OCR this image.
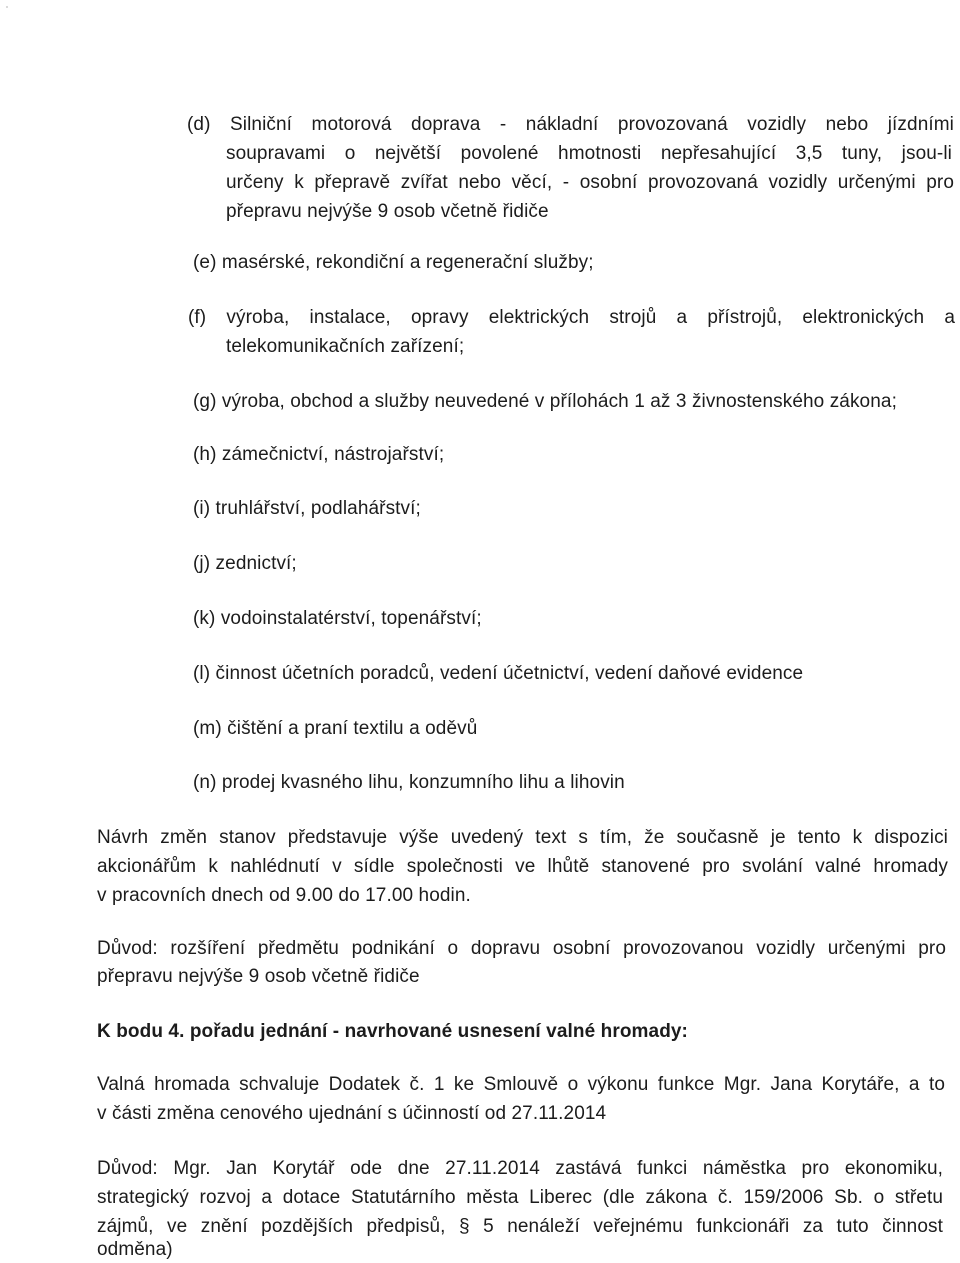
(d) Silniční motorová doprava - nákladní provozovaná vozidly nebo jízdními
soupravami o největší povolené hmotnosti nepřesahující 3,5 tuny, jsou-li
určeny k přepravě zvířat nebo věcí, - osobní provozovaná vozidly určenými pro
přepravu nejvýše 9 osob včetně řidiče
(e) masérské, rekondiční a regenerační služby;
(f) výroba, instalace, opravy elektrických strojů a přístrojů, elektronických a
telekomunikačních zařízení;
(g) výroba, obchod a služby neuvedené v přílohách 1 až 3 živnostenského zákona;
(h) zámečnictví, nástrojařství;
(i) truhlářství, podlahářství;
(j) zednictví;
(k) vodoinstalatérství, topenářství;
(l) činnost účetních poradců, vedení účetnictví, vedení daňové evidence
(m) čištění a praní textilu a oděvů
(n) prodej kvasného lihu, konzumního lihu a lihovin
Návrh změn stanov představuje výše uvedený text s tím, že současně je tento k dispozici
akcionářům k nahlédnutí v sídle společnosti ve lhůtě stanovené pro svolání valné hromady
v pracovních dnech od 9.00 do 17.00 hodin.
Důvod: rozšíření předmětu podnikání o dopravu osobní provozovanou vozidly určenými pro
přepravu nejvýše 9 osob včetně řidiče
K bodu 4. pořadu jednání - navrhované usnesení valné hromady:
Valná hromada schvaluje Dodatek č. 1 ke Smlouvě o výkonu funkce Mgr. Jana Korytáře, a to
v části změna cenového ujednání s účinností od 27.11.2014
Důvod: Mgr. Jan Korytář ode dne 27.11.2014 zastává funkci náměstka pro ekonomiku,
strategický rozvoj a dotace Statutárního města Liberec (dle zákona č. 159/2006 Sb. o střetu
zájmů, ve znění pozdějších předpisů, § 5 nenáleží veřejnému funkcionáři za tuto činnost
odměna)
